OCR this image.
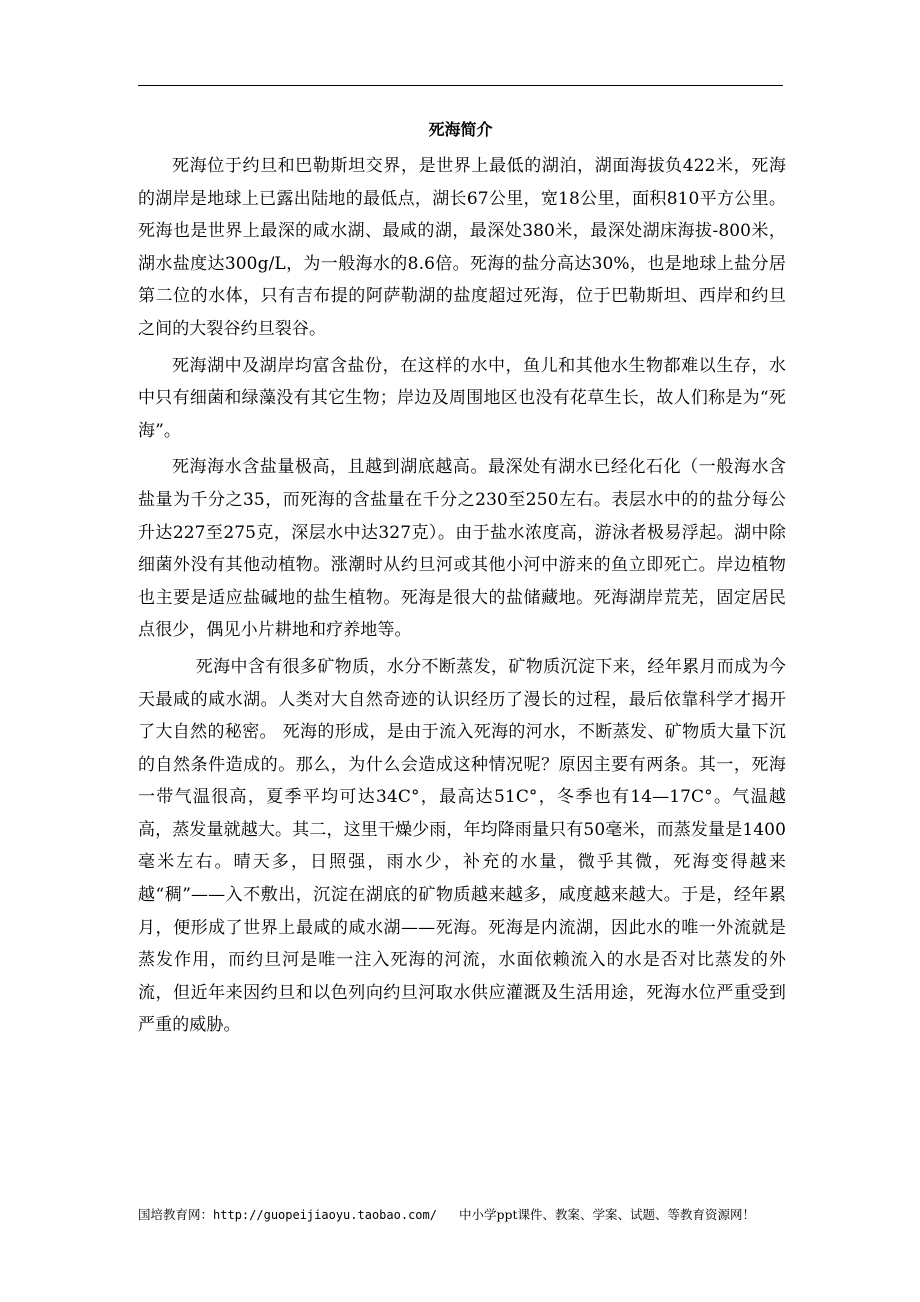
死海简介

死海位于约旦和巴勒斯坦交界，是世界上最低的湖泊，湖面海拔负422米，死海的湖岸是地球上已露出陆地的最低点，湖长67公里，宽18公里，面积810平方公里。死海也是世界上最深的咸水湖、最咸的湖，最深处380米，最深处湖床海拔-800米，湖水盐度达300g/L，为一般海水的8.6倍。死海的盐分高达30%，也是地球上盐分居第二位的水体，只有吉布提的阿萨勒湖的盐度超过死海，位于巴勒斯坦、西岸和约旦之间的大裂谷约旦裂谷。

死海湖中及湖岸均富含盐份，在这样的水中，鱼儿和其他水生物都难以生存，水中只有细菌和绿藻没有其它生物；岸边及周围地区也没有花草生长，故人们称是为“死海”。

死海海水含盐量极高，且越到湖底越高。最深处有湖水已经化石化（一般海水含盐量为千分之35，而死海的含盐量在千分之230至250左右。表层水中的的盐分每公升达227至275克，深层水中达327克）。由于盐水浓度高，游泳者极易浮起。湖中除细菌外没有其他动植物。涨潮时从约旦河或其他小河中游来的鱼立即死亡。岸边植物也主要是适应盐碱地的盐生植物。死海是很大的盐储藏地。死海湖岸荒芜，固定居民点很少，偶见小片耕地和疗养地等。

死海中含有很多矿物质，水分不断蒸发，矿物质沉淀下来，经年累月而成为今天最咸的咸水湖。人类对大自然奇迹的认识经历了漫长的过程，最后依靠科学才揭开了大自然的秘密。 死海的形成，是由于流入死海的河水，不断蒸发、矿物质大量下沉的自然条件造成的。那么，为什么会造成这种情况呢？原因主要有两条。其一，死海一带气温很高，夏季平均可达34C°，最高达51C°，冬季也有14—17C°。气温越高，蒸发量就越大。其二，这里干燥少雨，年均降雨量只有50毫米，而蒸发量是1400毫米左右。晴天多，日照强，雨水少，补充的水量，微乎其微，死海变得越来越“稠”——入不敷出，沉淀在湖底的矿物质越来越多，咸度越来越大。于是，经年累月，便形成了世界上最咸的咸水湖——死海。死海是内流湖，因此水的唯一外流就是蒸发作用，而约旦河是唯一注入死海的河流，水面依赖流入的水是否对比蒸发的外流，但近年来因约旦和以色列向约旦河取水供应灌溉及生活用途，死海水位严重受到严重的威胁。

国培教育网：http://guopeijiaoyu.taobao.com/ 中小学ppt课件、教案、学案、试题、等教育资源网！
